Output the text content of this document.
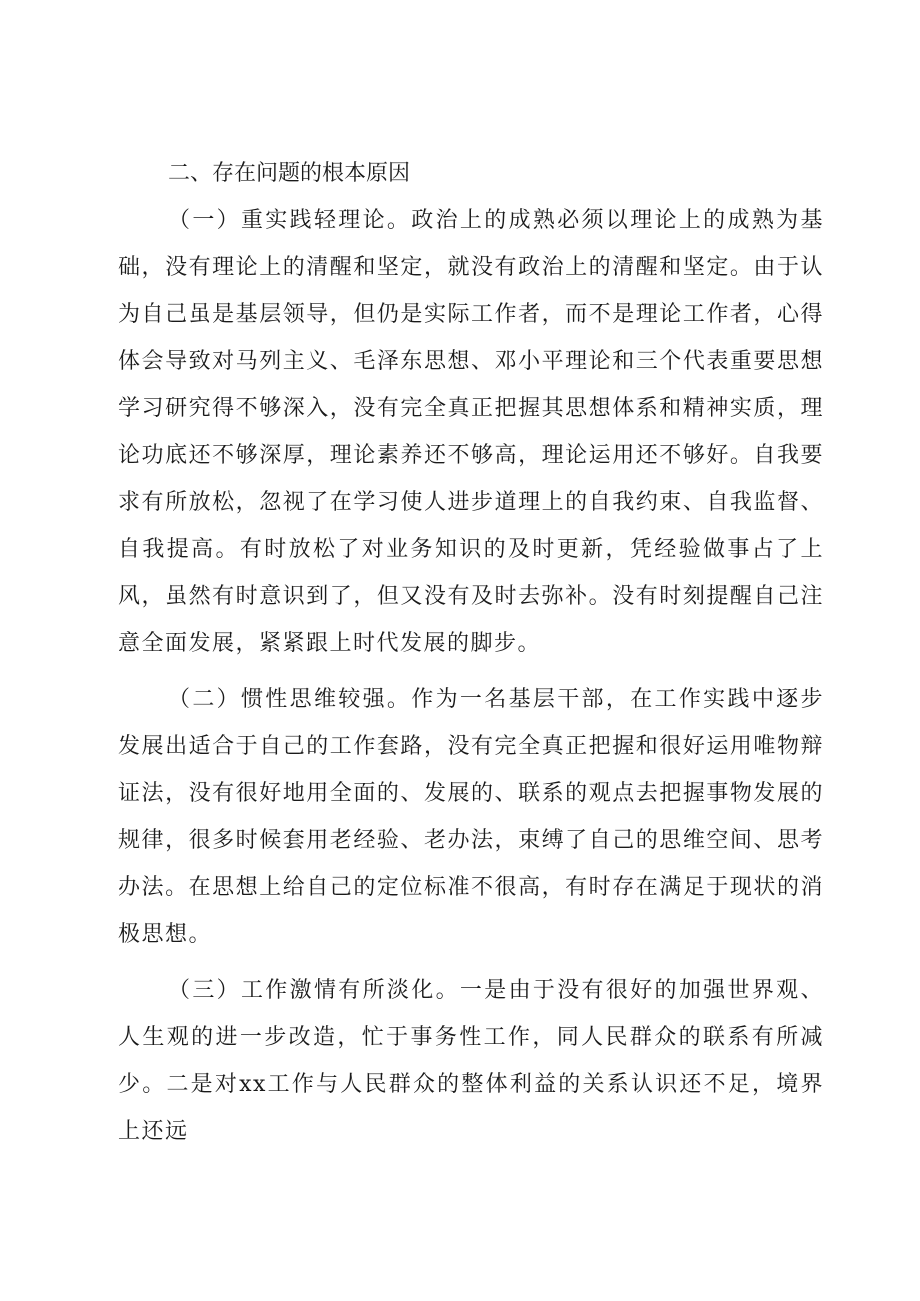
二、存在问题的根本原因

（一）重实践轻理论。政治上的成熟必须以理论上的成熟为基础，没有理论上的清醒和坚定，就没有政治上的清醒和坚定。由于认为自己虽是基层领导，但仍是实际工作者，而不是理论工作者，心得体会导致对马列主义、毛泽东思想、邓小平理论和三个代表重要思想学习研究得不够深入，没有完全真正把握其思想体系和精神实质，理论功底还不够深厚，理论素养还不够高，理论运用还不够好。自我要求有所放松，忽视了在学习使人进步道理上的自我约束、自我监督、自我提高。有时放松了对业务知识的及时更新，凭经验做事占了上风，虽然有时意识到了，但又没有及时去弥补。没有时刻提醒自己注意全面发展，紧紧跟上时代发展的脚步。

（二）惯性思维较强。作为一名基层干部，在工作实践中逐步发展出适合于自己的工作套路，没有完全真正把握和很好运用唯物辩证法，没有很好地用全面的、发展的、联系的观点去把握事物发展的规律，很多时候套用老经验、老办法，束缚了自己的思维空间、思考办法。在思想上给自己的定位标准不很高，有时存在满足于现状的消极思想。

（三）工作激情有所淡化。一是由于没有很好的加强世界观、人生观的进一步改造，忙于事务性工作，同人民群众的联系有所减少。二是对xx工作与人民群众的整体利益的关系认识还不足，境界上还远
